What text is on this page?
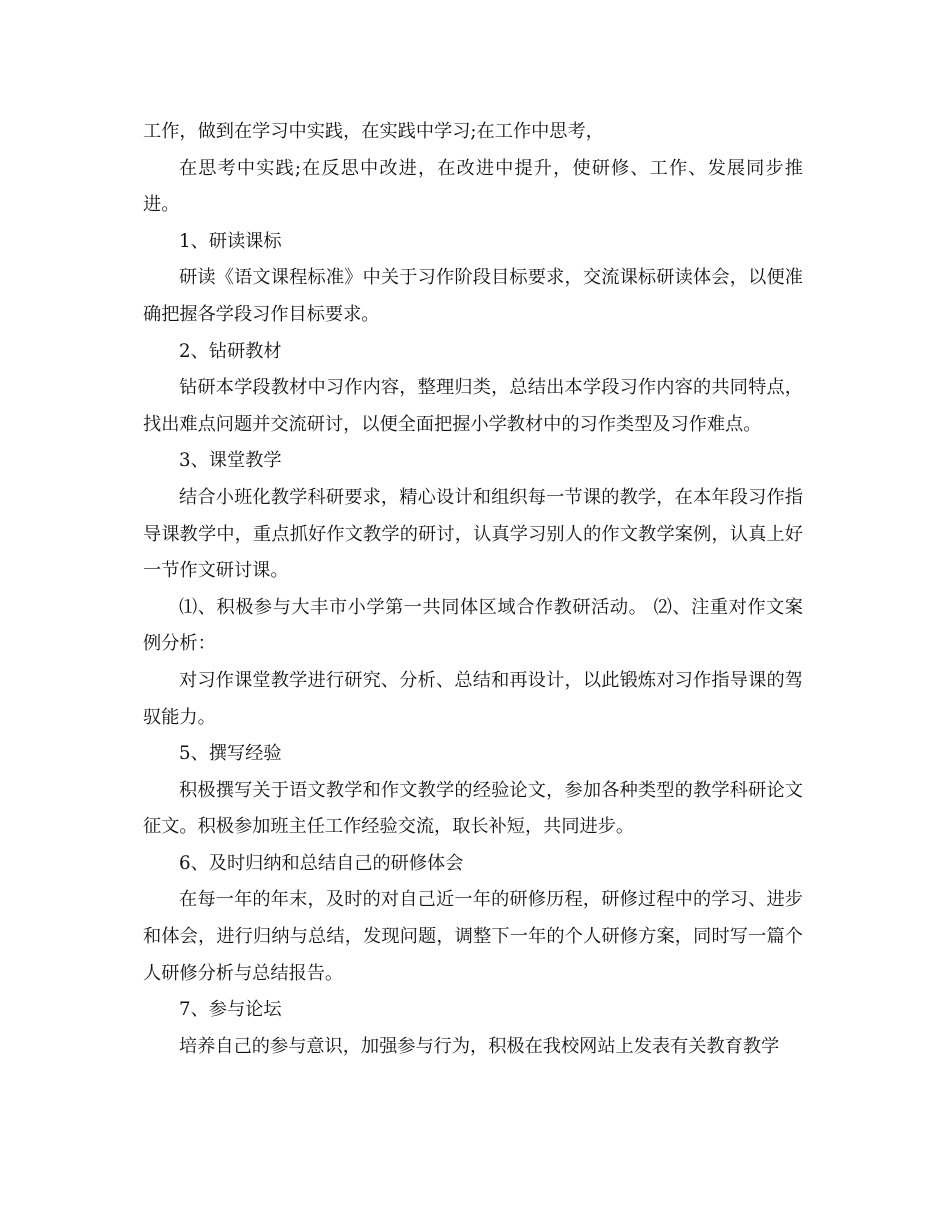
工作，做到在学习中实践，在实践中学习;在工作中思考，

在思考中实践;在反思中改进，在改进中提升，使研修、工作、发展同步推进。

1、研读课标

研读《语文课程标准》中关于习作阶段目标要求，交流课标研读体会，以便准确把握各学段习作目标要求。

2、钻研教材

钻研本学段教材中习作内容，整理归类，总结出本学段习作内容的共同特点，找出难点问题并交流研讨，以便全面把握小学教材中的习作类型及习作难点。

3、课堂教学

结合小班化教学科研要求，精心设计和组织每一节课的教学，在本年段习作指导课教学中，重点抓好作文教学的研讨，认真学习别人的作文教学案例，认真上好一节作文研讨课。

⑴、积极参与大丰市小学第一共同体区域合作教研活动。 ⑵、注重对作文案例分析：

对习作课堂教学进行研究、分析、总结和再设计，以此锻炼对习作指导课的驾驭能力。

5、撰写经验

积极撰写关于语文教学和作文教学的经验论文，参加各种类型的教学科研论文征文。积极参加班主任工作经验交流，取长补短，共同进步。

6、及时归纳和总结自己的研修体会

在每一年的年末，及时的对自己近一年的研修历程，研修过程中的学习、进步和体会，进行归纳与总结，发现问题，调整下一年的个人研修方案，同时写一篇个人研修分析与总结报告。

7、参与论坛

培养自己的参与意识，加强参与行为，积极在我校网站上发表有关教育教学
